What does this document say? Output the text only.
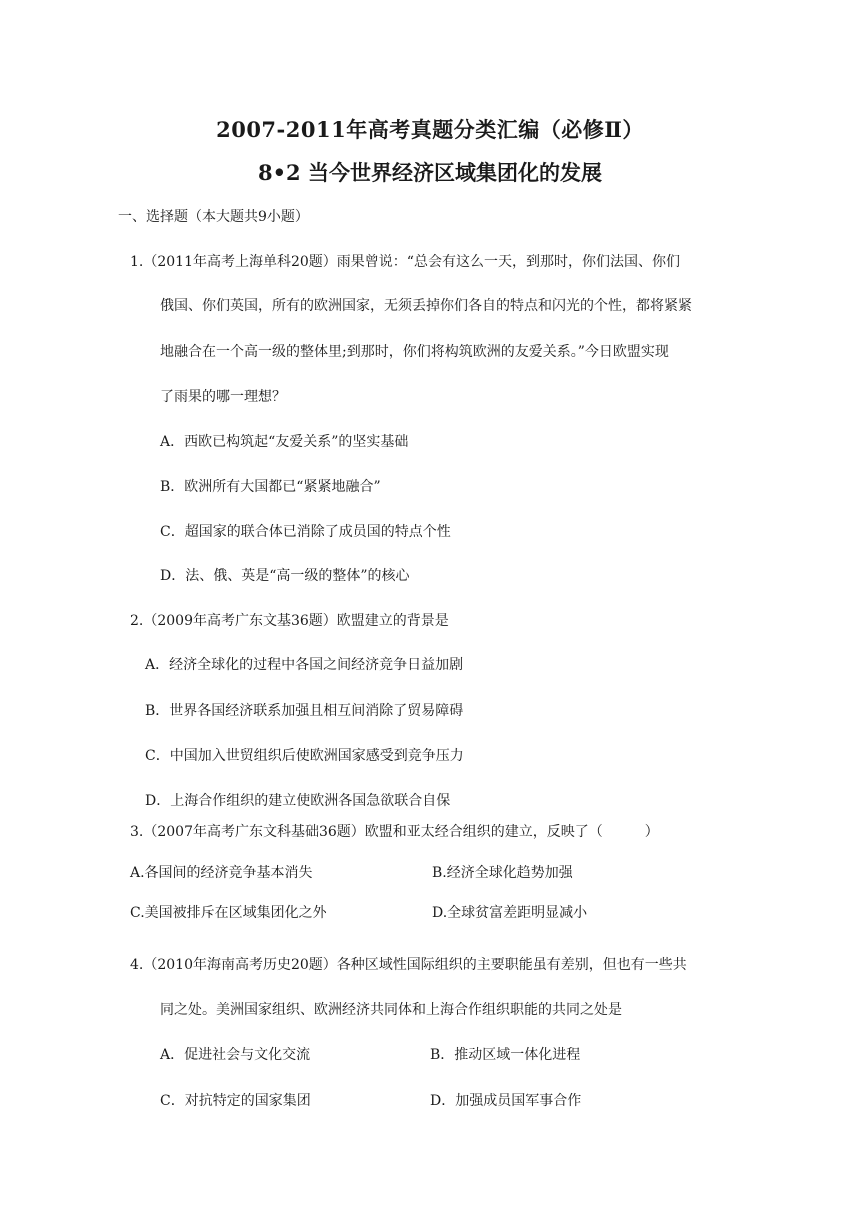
2007-2011年高考真题分类汇编（必修Ⅱ）
8•2 当今世界经济区域集团化的发展
一、选择题（本大题共9小题）
1.（2011年高考上海单科20题）雨果曾说：“总会有这么一天，到那时，你们法国、你们
俄国、你们英国，所有的欧洲国家，无须丢掉你们各自的特点和闪光的个性，都将紧紧
地融合在一个高一级的整体里;到那时，你们将构筑欧洲的友爱关系。”今日欧盟实现
了雨果的哪一理想？
A．西欧已构筑起“友爱关系”的坚实基础
B．欧洲所有大国都已“紧紧地融合”
C．超国家的联合体已消除了成员国的特点个性
D．法、俄、英是“高一级的整体”的核心
2.（2009年高考广东文基36题）欧盟建立的背景是
A．经济全球化的过程中各国之间经济竞争日益加剧
B．世界各国经济联系加强且相互间消除了贸易障碍
C．中国加入世贸组织后使欧洲国家感受到竞争压力
D．上海合作组织的建立使欧洲各国急欲联合自保
3.（2007年高考广东文科基础36题）欧盟和亚太经合组织的建立，反映了（　　　）
A.各国间的经济竞争基本消失	B.经济全球化趋势加强
C.美国被排斥在区域集团化之外	D.全球贫富差距明显减小
4.（2010年海南高考历史20题）各种区域性国际组织的主要职能虽有差别，但也有一些共
同之处。美洲国家组织、欧洲经济共同体和上海合作组织职能的共同之处是
A．促进社会与文化交流	B．推动区域一体化进程
C．对抗特定的国家集团	D．加强成员国军事合作
